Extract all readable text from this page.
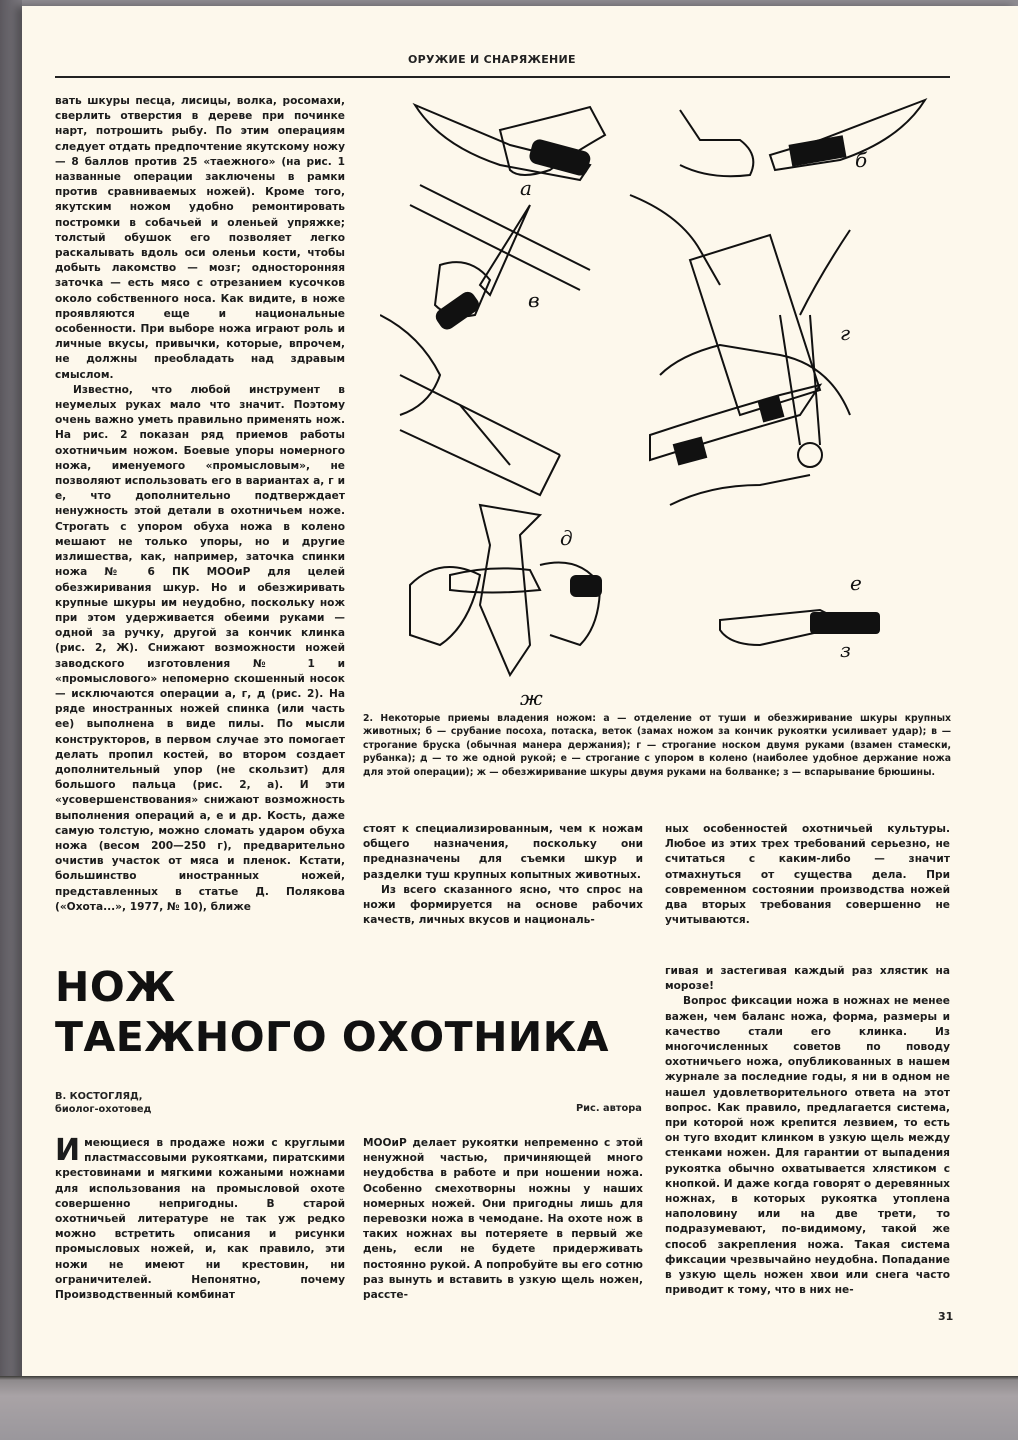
ОРУЖИЕ И СНАРЯЖЕНИЕ

вать шкуры песца, лисицы, волка, росомахи, сверлить отверстия в дереве при починке нарт, потрошить рыбу. По этим операциям следует отдать предпочтение якутскому ножу — 8 баллов против 25 «таежного» (на рис. 1 названные операции заключены в рамки против сравниваемых ножей). Кроме того, якутским ножом удобно ремонтировать постромки в собачьей и оленьей упряжке; толстый обушок его позволяет легко раскалывать вдоль оси оленьи кости, чтобы добыть лакомство — мозг; односторонняя заточка — есть мясо с отрезанием кусочков около собственного носа. Как видите, в ноже проявляются еще и национальные особенности. При выборе ножа играют роль и личные вкусы, привычки, которые, впрочем, не должны преобладать над здравым смыслом.

Известно, что любой инструмент в неумелых руках мало что значит. Поэтому очень важно уметь правильно применять нож. На рис. 2 показан ряд приемов работы охотничьим ножом. Боевые упоры номерного ножа, именуемого «промысловым», не позволяют использовать его в вариантах а, г и е, что дополнительно подтверждает ненужность этой детали в охотничьем ноже. Строгать с упором обуха ножа в колено мешают не только упоры, но и другие излишества, как, например, заточка спинки ножа № 6 ПК МООиР для целей обезжиривания шкур. Но и обезжиривать крупные шкуры им неудобно, поскольку нож при этом удерживается обеими руками — одной за ручку, другой за кончик клинка (рис. 2, Ж). Снижают возможности ножей заводского изготовления № 1 и «промыслового» непомерно скошенный носок — исключаются операции а, г, д (рис. 2). На ряде иностранных ножей спинка (или часть ее) выполнена в виде пилы. По мысли конструкторов, в первом случае это помогает делать пропил костей, во втором создает дополнительный упор (не скользит) для большого пальца (рис. 2, а). И эти «усовершенствования» снижают возможность выполнения операций а, е и др. Кость, даже самую толстую, можно сломать ударом обуха ножа (весом 200—250 г), предварительно очистив участок от мяса и пленок. Кстати, большинство иностранных ножей, представленных в статье Д. Полякова («Охота...», 1977, № 10), ближе

а
б
в
г
д
е
ж
з
2. Некоторые приемы владения ножом: а — отделение от туши и обезжиривание шкуры крупных животных; б — срубание посоха, потаска, веток (замах ножом за кончик рукоятки усиливает удар); в — строгание бруска (обычная манера держания); г — строгание носком двумя руками (взамен стамески, рубанка); д — то же одной рукой; е — строгание с упором в колено (наиболее удобное держание ножа для этой операции); ж — обезжиривание шкуры двумя руками на болванке; з — вспарывание брюшины.

стоят к специализированным, чем к ножам общего назначения, поскольку они предназначены для съемки шкур и разделки туш крупных копытных животных.

Из всего сказанного ясно, что спрос на ножи формируется на основе рабочих качеств, личных вкусов и националь-

ных особенностей охотничьей культуры. Любое из этих трех требований серьезно, не считаться с каким-либо — значит отмахнуться от существа дела. При современном состоянии производства ножей два вторых требования совершенно не учитываются.

НОЖ
ТАЕЖНОГО ОХОТНИКА
В. КОСТОГЛЯД,
биолог-охотовед	Рис. автора
И меющиеся в продаже ножи с круглыми пластмассовыми рукоятками, пиратскими крестовинами и мягкими кожаными ножнами для использования на промысловой охоте совершенно непригодны. В старой охотничьей литературе не так уж редко можно встретить описания и рисунки промысловых ножей, и, как правило, эти ножи не имеют ни крестовин, ни ограничителей. Непонятно, почему Производственный комбинат

МООиР делает рукоятки непременно с этой ненужной частью, причиняющей много неудобства в работе и при ношении ножа. Особенно смехотворны ножны у наших номерных ножей. Они пригодны лишь для перевозки ножа в чемодане. На охоте нож в таких ножнах вы потеряете в первый же день, если не будете придерживать постоянно рукой. А попробуйте вы его сотню раз вынуть и вставить в узкую щель ножен, расстe-

гивая и застегивая каждый раз хлястик на морозе!

Вопрос фиксации ножа в ножнах не менее важен, чем баланс ножа, форма, размеры и качество стали его клинка. Из многочисленных советов по поводу охотничьего ножа, опубликованных в нашем журнале за последние годы, я ни в одном не нашел удовлетворительного ответа на этот вопрос. Как правило, предлагается система, при которой нож крепится лезвием, то есть он туго входит клинком в узкую щель между стенками ножен. Для гарантии от выпадения рукоятка обычно охватывается хлястиком с кнопкой. И даже когда говорят о деревянных ножнах, в которых рукоятка утоплена наполовину или на две трети, то подразумевают, по-видимому, такой же способ закрепления ножа. Такая система фиксации чрезвычайно неудобна. Попадание в узкую щель ножен хвои или снега часто приводит к тому, что в них не-

31
